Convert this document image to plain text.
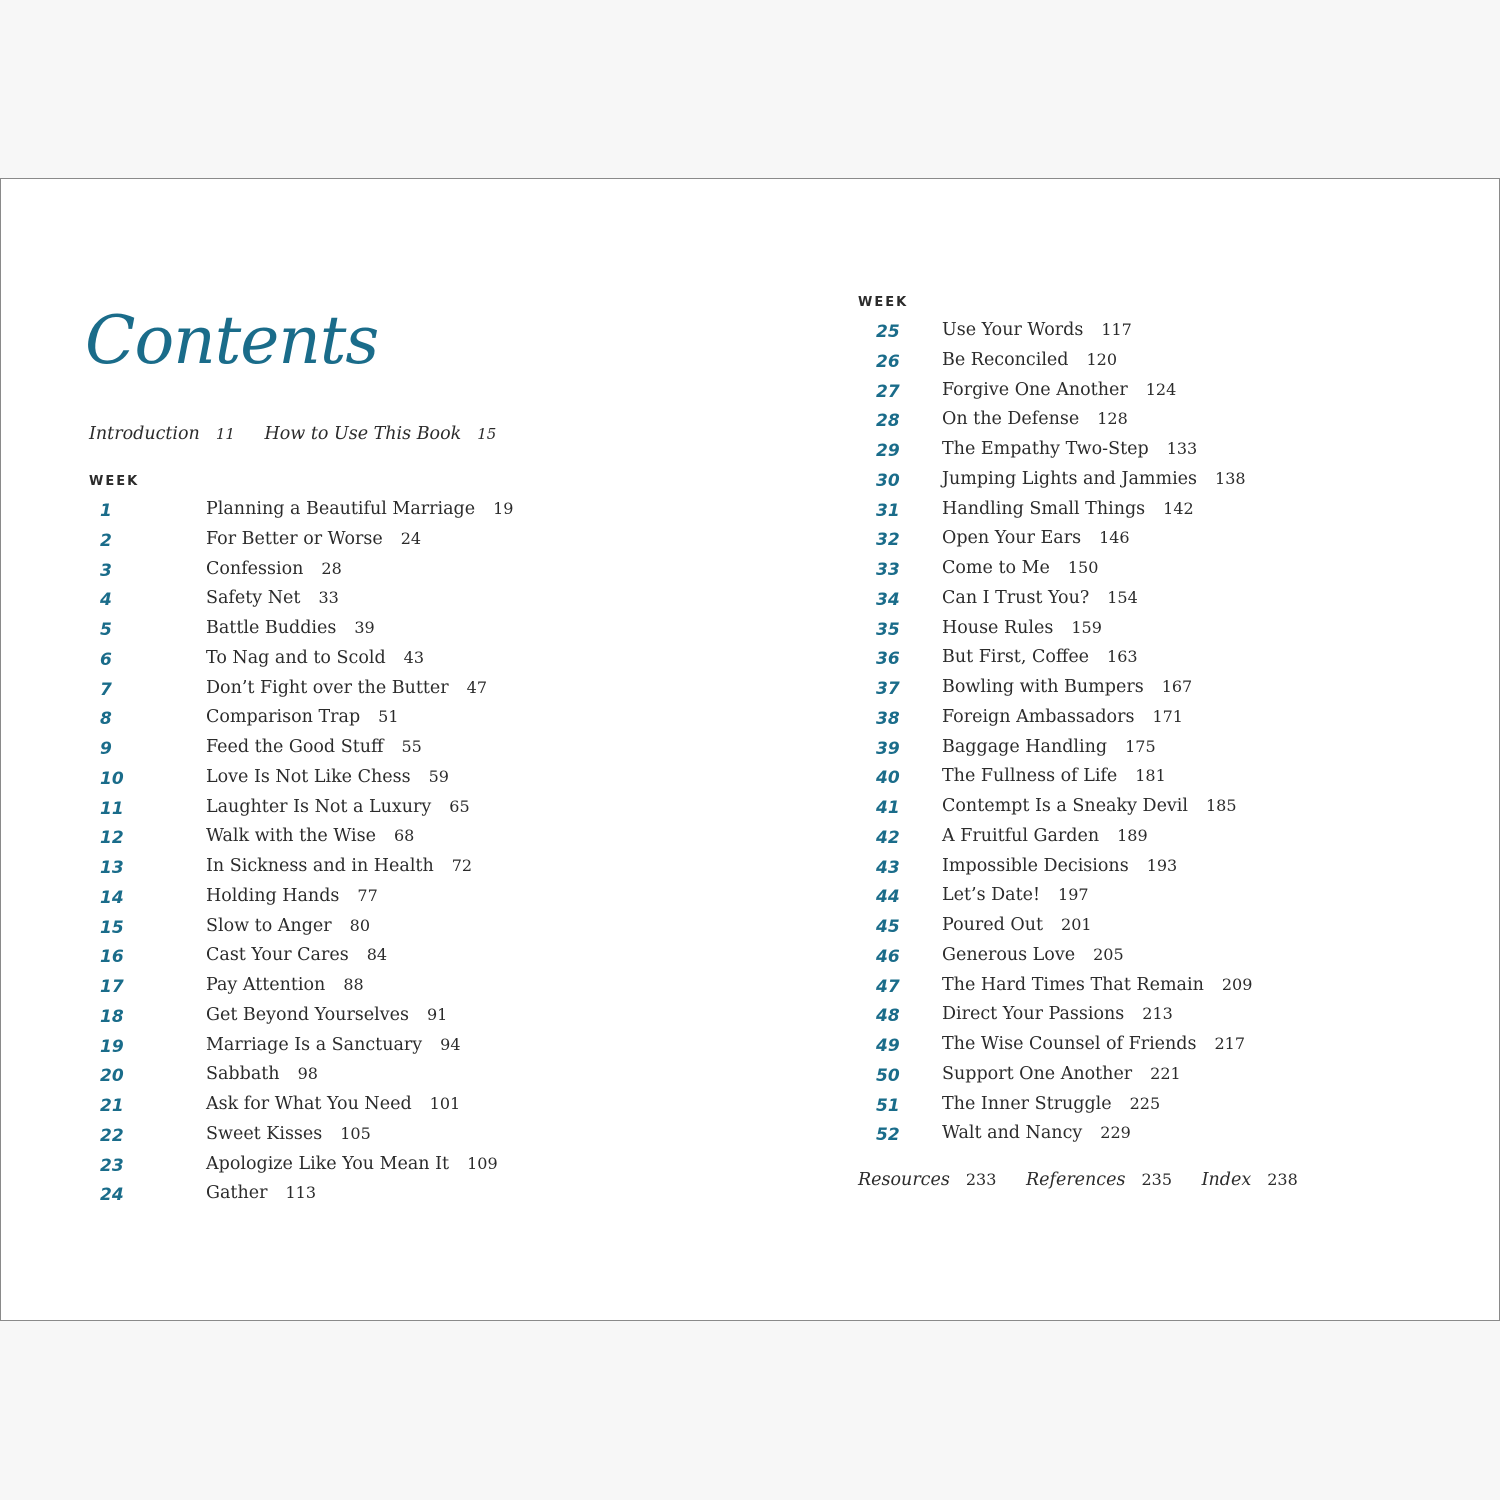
Contents
Introduction 11 How to Use This Book 15
WEEK
1	Planning a Beautiful Marriage 19
2	For Better or Worse 24
3	Confession 28
4	Safety Net 33
5	Battle Buddies 39
6	To Nag and to Scold 43
7	Don’t Fight over the Butter 47
8	Comparison Trap 51
9	Feed the Good Stuff 55
10	Love Is Not Like Chess 59
11	Laughter Is Not a Luxury 65
12	Walk with the Wise 68
13	In Sickness and in Health 72
14	Holding Hands 77
15	Slow to Anger 80
16	Cast Your Cares 84
17	Pay Attention 88
18	Get Beyond Yourselves 91
19	Marriage Is a Sanctuary 94
20	Sabbath 98
21	Ask for What You Need 101
22	Sweet Kisses 105
23	Apologize Like You Mean It 109
24	Gather 113
WEEK
25	Use Your Words 117
26	Be Reconciled 120
27	Forgive One Another 124
28	On the Defense 128
29	The Empathy Two-Step 133
30	Jumping Lights and Jammies 138
31	Handling Small Things 142
32	Open Your Ears 146
33	Come to Me 150
34	Can I Trust You? 154
35	House Rules 159
36	But First, Coffee 163
37	Bowling with Bumpers 167
38	Foreign Ambassadors 171
39	Baggage Handling 175
40	The Fullness of Life 181
41	Contempt Is a Sneaky Devil 185
42	A Fruitful Garden 189
43	Impossible Decisions 193
44	Let’s Date! 197
45	Poured Out 201
46	Generous Love 205
47	The Hard Times That Remain 209
48	Direct Your Passions 213
49	The Wise Counsel of Friends 217
50	Support One Another 221
51	The Inner Struggle 225
52	Walt and Nancy 229
Resources 233 References 235 Index 238
